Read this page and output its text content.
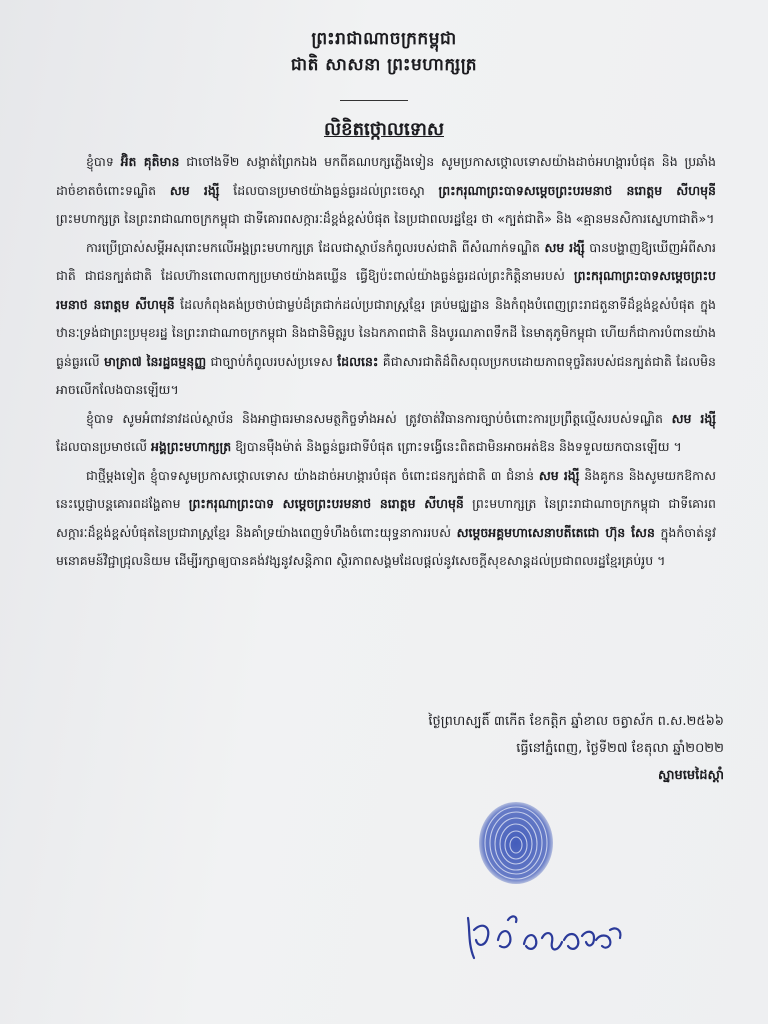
ព្រះរាជាណាចក្រកម្ពុជា
ជាតិ សាសនា ព្រះមហាក្សត្រ
លិខិតថ្កោលទោស

ខ្ញុំបាទ អ៊ិត គុតិមាន ជាចៅងទី២ សង្កាត់ព្រែកឯង មកពីគណបក្សភ្លើងទៀន សូមប្រកាសថ្កោលទោសយ៉ាងដាច់អហង្ការបំផុត និង ប្រឆាំងដាច់ខាតចំពោះទណ្ឌិត សម រង្ស៊ី ដែលបានប្រមាថយ៉ាងធ្ងន់ធ្ងរដល់ព្រះចេស្តា ព្រះករុណាព្រះបាទសម្តេចព្រះបរមនាថ នរោត្តម សីហមុនី ព្រះមហាក្សត្រ នៃព្រះរាជាណាចក្រកម្ពុជា ជាទីគោរពសក្ការៈដ៏ខ្ពង់ខ្ពស់បំផុត នៃប្រជាពលរដ្ឋខ្មែរ ថា «ក្បត់ជាតិ» និង «គ្មានមនសិការស្នេហាជាតិ»។

ការប្រើប្រាស់សម្តីអសុរោះមកលើអង្គព្រះមហាក្សត្រ ដែលជាស្ថាប័នកំពូលរបស់ជាតិ ពីសំណាក់ទណ្ឌិត សម រង្ស៊ី បានបង្ហាញឱ្យឃើញអំពីសារជាតិ ជាជនក្បត់ជាតិ ដែលហ៊ានពោលពាក្យប្រមាថយ៉ាងគឃ្លើន ធ្វើឱ្យប៉ះពាល់យ៉ាងធ្ងន់ធ្ងរដល់ព្រះកិត្តិនាមរបស់ ព្រះករុណាព្រះបាទសម្តេចព្រះបរមនាថ នរោត្តម សីហមុនី ដែលកំពុងគង់ប្រថាប់ជាម្លប់ដ៏ត្រជាក់ដល់ប្រជារាស្ត្រខ្មែរ គ្រប់មជ្ឈដ្ឋាន និងកំពុងបំពេញព្រះរាជតួនាទីដ៏ខ្ពង់ខ្ពស់បំផុត ក្នុងឋានៈទ្រង់ជាព្រះប្រមុខរដ្ឋ នៃព្រះរាជាណាចក្រកម្ពុជា និងជានិមិត្តរូប នៃឯកភាពជាតិ និងបូរណភាពទឹកដី នៃមាតុភូមិកម្ពុជា ហើយក៏ជាការបំពានយ៉ាងធ្ងន់ធ្ងរលើ មាត្រា៧ នៃរដ្ឋធម្មនុញ្ញ ជាច្បាប់កំពូលរបស់ប្រទេស ដែលនេះ គឺជាសារជាតិដ៏ពិសពុលប្រកបដោយភាពទុច្ចរិតរបស់ជនក្បត់ជាតិ ដែលមិនអាចលើកលែងបានឡើយ។

ខ្ញុំបាទ សូមអំពាវនាវដល់ស្ថាប័ន និងអាជ្ញាធរមានសមត្ថកិច្ចទាំងអស់ ត្រូវចាត់វិធានការច្បាប់ចំពោះការប្រព្រឹត្តល្មើសរបស់ទណ្ឌិត សម រង្ស៊ី ដែលបានប្រមាថលើ អង្គព្រះមហាក្សត្រ ឱ្យបានម៉ឺងម៉ាត់ និងធ្ងន់ធ្ងរជាទីបំផុត ព្រោះទង្វើនេះពិតជាមិនអាចអត់ឱន និងទទួលយកបានឡើយ ។

ជាថ្មីម្តងទៀត ខ្ញុំបាទសូមប្រកាសថ្កោលទោស យ៉ាងដាច់អហង្ការបំផុត ចំពោះជនក្បត់ជាតិ ៣ ជំនាន់ សម រង្ស៊ី និងគូកន និងសូមយកឱកាសនេះប្តេជ្ញាបន្តគោរពដង្ហែតាម ព្រះករុណាព្រះបាទ សម្តេចព្រះបរមនាថ នរោត្តម សីហមុនី ព្រះមហាក្សត្រ នៃព្រះរាជាណាចក្រកម្ពុជា ជាទីគោរពសក្ការៈដ៏ខ្ពង់ខ្ពស់បំផុតនៃប្រជារាស្ត្រខ្មែរ និងគាំទ្រយ៉ាងពេញទំហឹងចំពោះយុទ្ធនាការរបស់ សម្តេចអគ្គមហាសេនាបតីតេជោ ហ៊ុន សែន ក្នុងកំចាត់នូវមនោគមន៍វិជ្ជាជ្រុលនិយម ដើម្បីរក្សាឲ្យបានគង់វង្សនូវសន្តិភាព ស្ថិរភាពសង្គមដែលផ្តល់នូវសេចក្តីសុខសាន្តដល់ប្រជាពលរដ្ឋខ្មែរគ្រប់រូប ។

ថ្ងៃព្រហស្បតិ៍ ៣កើត ខែកត្តិក ឆ្នាំខាល ចត្វាស័ក ព.ស.២៥៦៦
ធ្វើនៅភ្នំពេញ, ថ្ងៃទី២៧ ខែតុលា ឆ្នាំ២០២២
ស្នាមមេដៃស្តាំ
